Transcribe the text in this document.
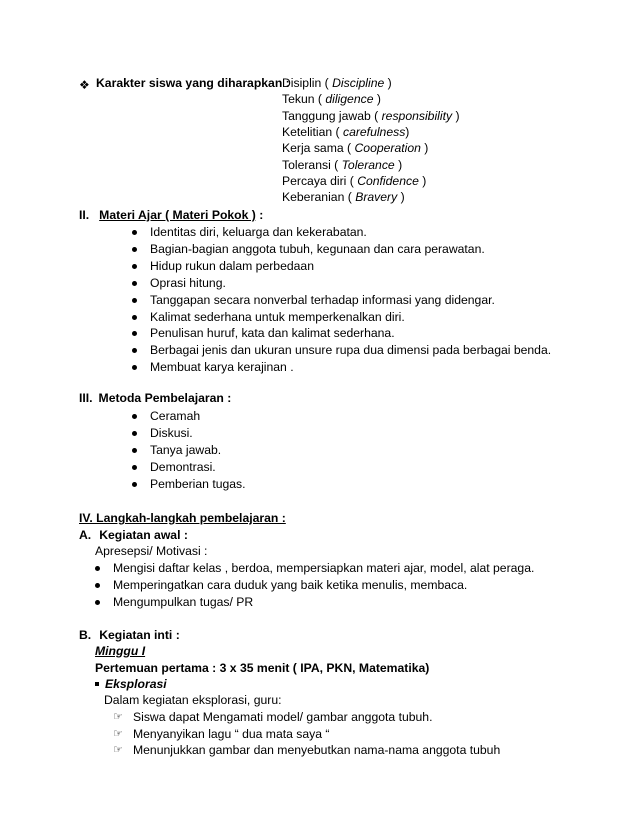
❖ Karakter siswa yang diharapkan :
Disiplin ( Discipline )
Tekun ( diligence )
Tanggung jawab ( responsibility )
Ketelitian ( carefulness)
Kerja sama ( Cooperation )
Toleransi ( Tolerance )
Percaya diri ( Confidence )
Keberanian ( Bravery )
II. Materi Ajar ( Materi Pokok ) :
Identitas diri, keluarga dan kekerabatan.
Bagian-bagian anggota tubuh, kegunaan dan cara perawatan.
Hidup rukun dalam perbedaan
Oprasi hitung.
Tanggapan secara nonverbal terhadap informasi yang didengar.
Kalimat sederhana untuk memperkenalkan diri.
Penulisan huruf, kata dan kalimat sederhana.
Berbagai jenis dan ukuran unsure rupa dua dimensi pada berbagai benda.
Membuat karya kerajinan .
III. Metoda Pembelajaran :
Ceramah
Diskusi.
Tanya jawab.
Demontrasi.
Pemberian tugas.
IV. Langkah-langkah pembelajaran :
A. Kegiatan awal :
Apresepsi/ Motivasi :
Mengisi daftar kelas , berdoa, mempersiapkan materi ajar, model, alat peraga.
Memperingatkan cara duduk yang baik ketika menulis, membaca.
Mengumpulkan tugas/ PR
B. Kegiatan inti :
Minggu I
Pertemuan pertama : 3 x 35 menit ( IPA, PKN, Matematika)
Eksplorasi
Dalam kegiatan eksplorasi, guru:
☞ Siswa dapat Mengamati model/ gambar anggota tubuh.
☞ Menyanyikan lagu “ dua mata saya “
☞ Menunjukkan gambar dan menyebutkan nama-nama anggota tubuh
